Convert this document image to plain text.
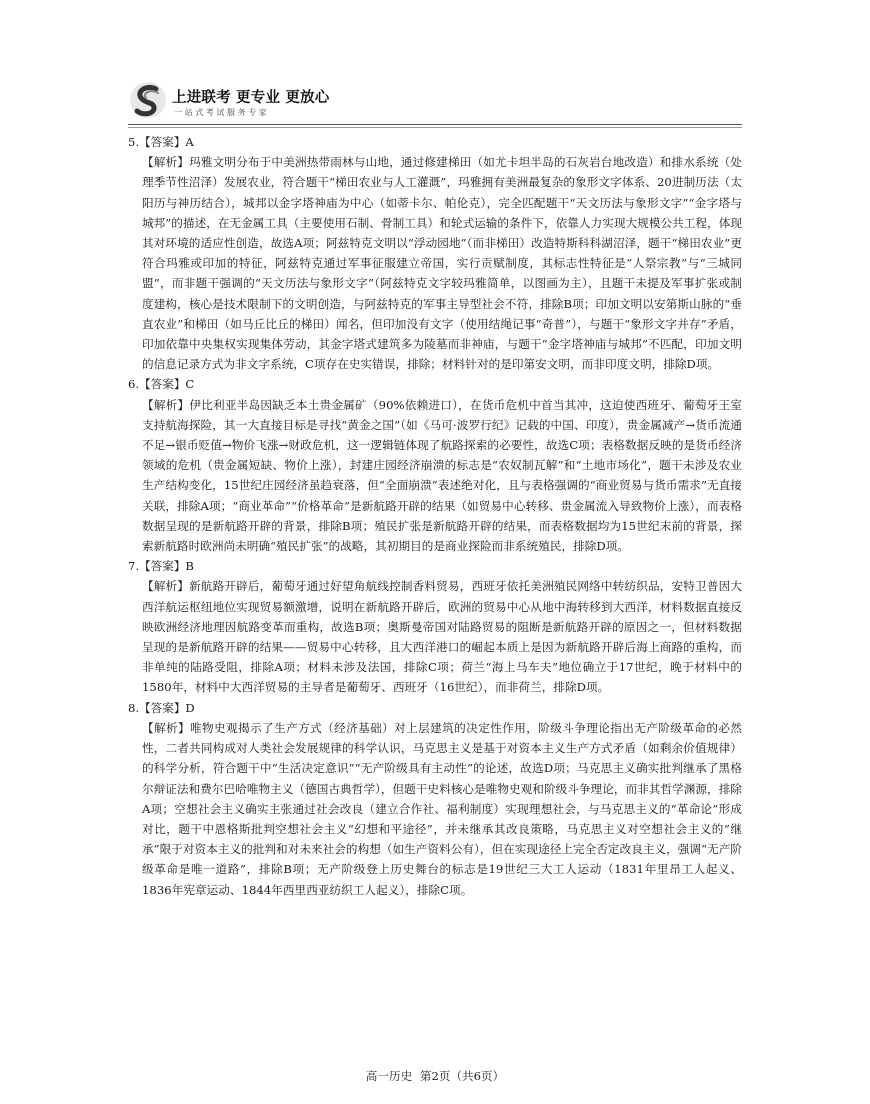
上进联考 更专业 更放心
一站式考试服务专家

5.【答案】A

【解析】玛雅文明分布于中美洲热带雨林与山地，通过修建梯田（如尤卡坦半岛的石灰岩台地改造）和排水系统（处理季节性沼泽）发展农业，符合题干“梯田农业与人工灌溉”，玛雅拥有美洲最复杂的象形文字体系、20进制历法（太阳历与神历结合），城邦以金字塔神庙为中心（如蒂卡尔、帕伦克），完全匹配题干“天文历法与象形文字”“金字塔与城邦”的描述，在无金属工具（主要使用石制、骨制工具）和轮式运输的条件下，依靠人力实现大规模公共工程，体现其对环境的适应性创造，故选A项；阿兹特克文明以“浮动园地”（而非梯田）改造特斯科科湖沼泽，题干“梯田农业”更符合玛雅或印加的特征，阿兹特克通过军事征服建立帝国，实行贡赋制度，其标志性特征是“人祭宗教”与“三城同盟”，而非题干强调的“天文历法与象形文字”（阿兹特克文字较玛雅简单，以图画为主），且题干未提及军事扩张或制度建构，核心是技术限制下的文明创造，与阿兹特克的军事主导型社会不符，排除B项；印加文明以安第斯山脉的“垂直农业”和梯田（如马丘比丘的梯田）闻名，但印加没有文字（使用结绳记事“奇普”），与题干“象形文字并存”矛盾，印加依靠中央集权实现集体劳动，其金字塔式建筑多为陵墓而非神庙，与题干“金字塔神庙与城邦”不匹配，印加文明的信息记录方式为非文字系统，C项存在史实错误，排除；材料针对的是印第安文明，而非印度文明，排除D项。

6.【答案】C

【解析】伊比利亚半岛因缺乏本土贵金属矿（90%依赖进口），在货币危机中首当其冲，这迫使西班牙、葡萄牙王室支持航海探险，其一大直接目标是寻找“黄金之国”（如《马可·波罗行纪》记载的中国、印度），贵金属减产→货币流通不足→银币贬值→物价飞涨→财政危机，这一逻辑链体现了航路探索的必要性，故选C项；表格数据反映的是货币经济领域的危机（贵金属短缺、物价上涨），封建庄园经济崩溃的标志是“农奴制瓦解”和“土地市场化”，题干未涉及农业生产结构变化，15世纪庄园经济虽趋衰落，但“全面崩溃”表述绝对化，且与表格强调的“商业贸易与货币需求”无直接关联，排除A项；“商业革命”“价格革命”是新航路开辟的结果（如贸易中心转移、贵金属流入导致物价上涨），而表格数据呈现的是新航路开辟的背景，排除B项；殖民扩张是新航路开辟的结果，而表格数据均为15世纪末前的背景，探索新航路时欧洲尚未明确“殖民扩张”的战略，其初期目的是商业探险而非系统殖民，排除D项。

7.【答案】B

【解析】新航路开辟后，葡萄牙通过好望角航线控制香料贸易，西班牙依托美洲殖民网络中转纺织品，安特卫普因大西洋航运枢纽地位实现贸易额激增，说明在新航路开辟后，欧洲的贸易中心从地中海转移到大西洋，材料数据直接反映欧洲经济地理因航路变革而重构，故选B项；奥斯曼帝国对陆路贸易的阻断是新航路开辟的原因之一，但材料数据呈现的是新航路开辟的结果——贸易中心转移，且大西洋港口的崛起本质上是因为新航路开辟后海上商路的重构，而非单纯的陆路受阻，排除A项；材料未涉及法国，排除C项；荷兰“海上马车夫”地位确立于17世纪，晚于材料中的1580年，材料中大西洋贸易的主导者是葡萄牙、西班牙（16世纪），而非荷兰，排除D项。

8.【答案】D

【解析】唯物史观揭示了生产方式（经济基础）对上层建筑的决定性作用，阶级斗争理论指出无产阶级革命的必然性，二者共同构成对人类社会发展规律的科学认识，马克思主义是基于对资本主义生产方式矛盾（如剩余价值规律）的科学分析，符合题干中“生活决定意识”“无产阶级具有主动性”的论述，故选D项；马克思主义确实批判继承了黑格尔辩证法和费尔巴哈唯物主义（德国古典哲学），但题干史料核心是唯物史观和阶级斗争理论，而非其哲学渊源，排除A项；空想社会主义确实主张通过社会改良（建立合作社、福利制度）实现理想社会，与马克思主义的“革命论”形成对比，题干中恩格斯批判空想社会主义“幻想和平途径”，并未继承其改良策略，马克思主义对空想社会主义的“继承”限于对资本主义的批判和对未来社会的构想（如生产资料公有），但在实现途径上完全否定改良主义，强调“无产阶级革命是唯一道路”，排除B项；无产阶级登上历史舞台的标志是19世纪三大工人运动（1831年里昂工人起义、1836年宪章运动、1844年西里西亚纺织工人起义），排除C项。

高一历史 第2页（共6页）
